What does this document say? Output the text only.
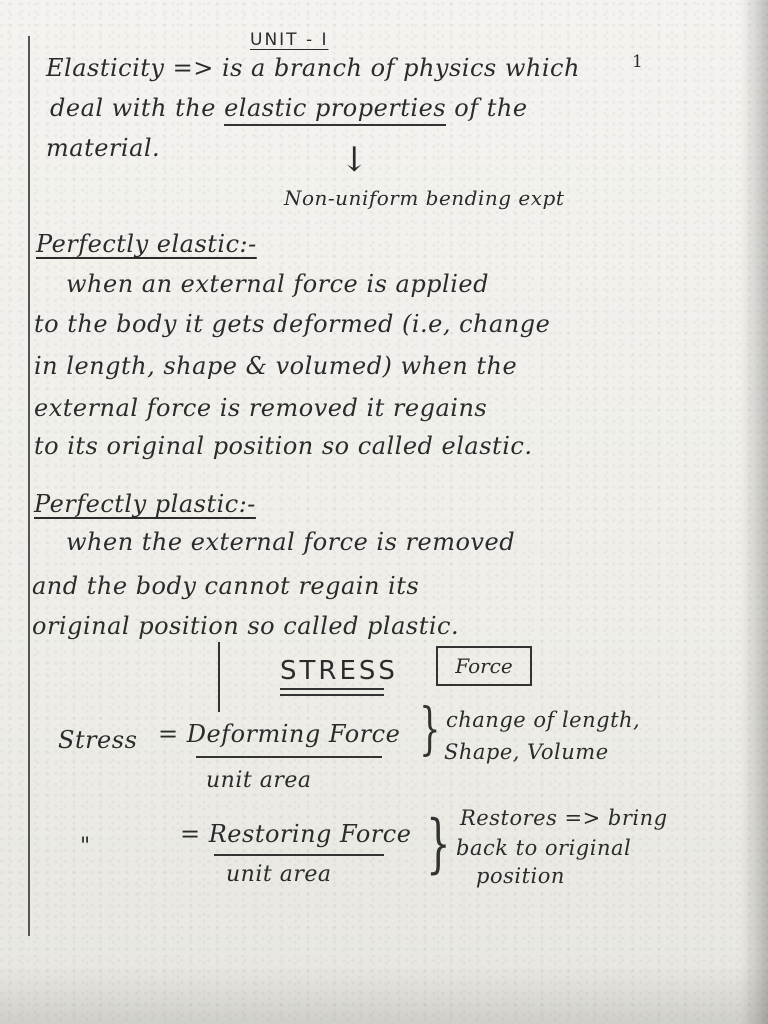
UNIT - I
1
Elasticity => is a branch of physics which
deal with the elastic properties of the
material.	↓
Non-uniform bending expt
Perfectly elastic:-
when an external force is applied
to the body it gets deformed (i.e, change
in length, shape & volumed) when the
external force is removed it regains
to its original position so called elastic.
Perfectly plastic:-
when the external force is removed
and the body cannot regain its
original position so called plastic.
STRESS	Force
Stress = Deforming Force
unit area
} change of length,
Shape, Volume
"	= Restoring Force
unit area } Restores => bring
back to original
position
